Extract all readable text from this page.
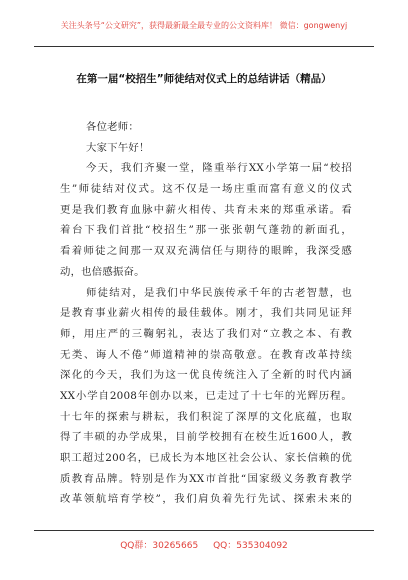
关注头条号“公文研究”，获得最新最全最专业的公文资料库！ 微信：gongwenyj
在第一届“校招生”师徒结对仪式上的总结讲话（精品）
各位老师：
大家下午好！
今天，我们齐聚一堂，隆重举行XX小学第一届“校招
生”师徒结对仪式。这不仅是一场庄重而富有意义的仪式
更是我们教育血脉中薪火相传、共育未来的郑重承诺。看
着台下我们首批“校招生”那一张张朝气蓬勃的新面孔，
看着师徒之间那一双双充满信任与期待的眼眸，我深受感
动，也倍感振奋。
师徒结对，是我们中华民族传承千年的古老智慧，也
是教育事业薪火相传的最佳载体。刚才，我们共同见证拜
师，用庄严的三鞠躬礼，表达了我们对“立教之本、有教
无类、诲人不倦”师道精神的崇高敬意。在教育改革持续
深化的今天，我们为这一优良传统注入了全新的时代内涵
XX小学自2008年创办以来，已走过了十七年的光辉历程。
十七年的探索与耕耘，我们积淀了深厚的文化底蕴，也取
得了丰硕的办学成果，目前学校拥有在校生近1600人，教
职工超过200名，已成长为本地区社会公认、家长信赖的优
质教育品牌。特别是作为XX市首批“国家级义务教育教学
改革领航培育学校”，我们肩负着先行先试、探索未来的
QQ群：30265665 QQ：535304092
